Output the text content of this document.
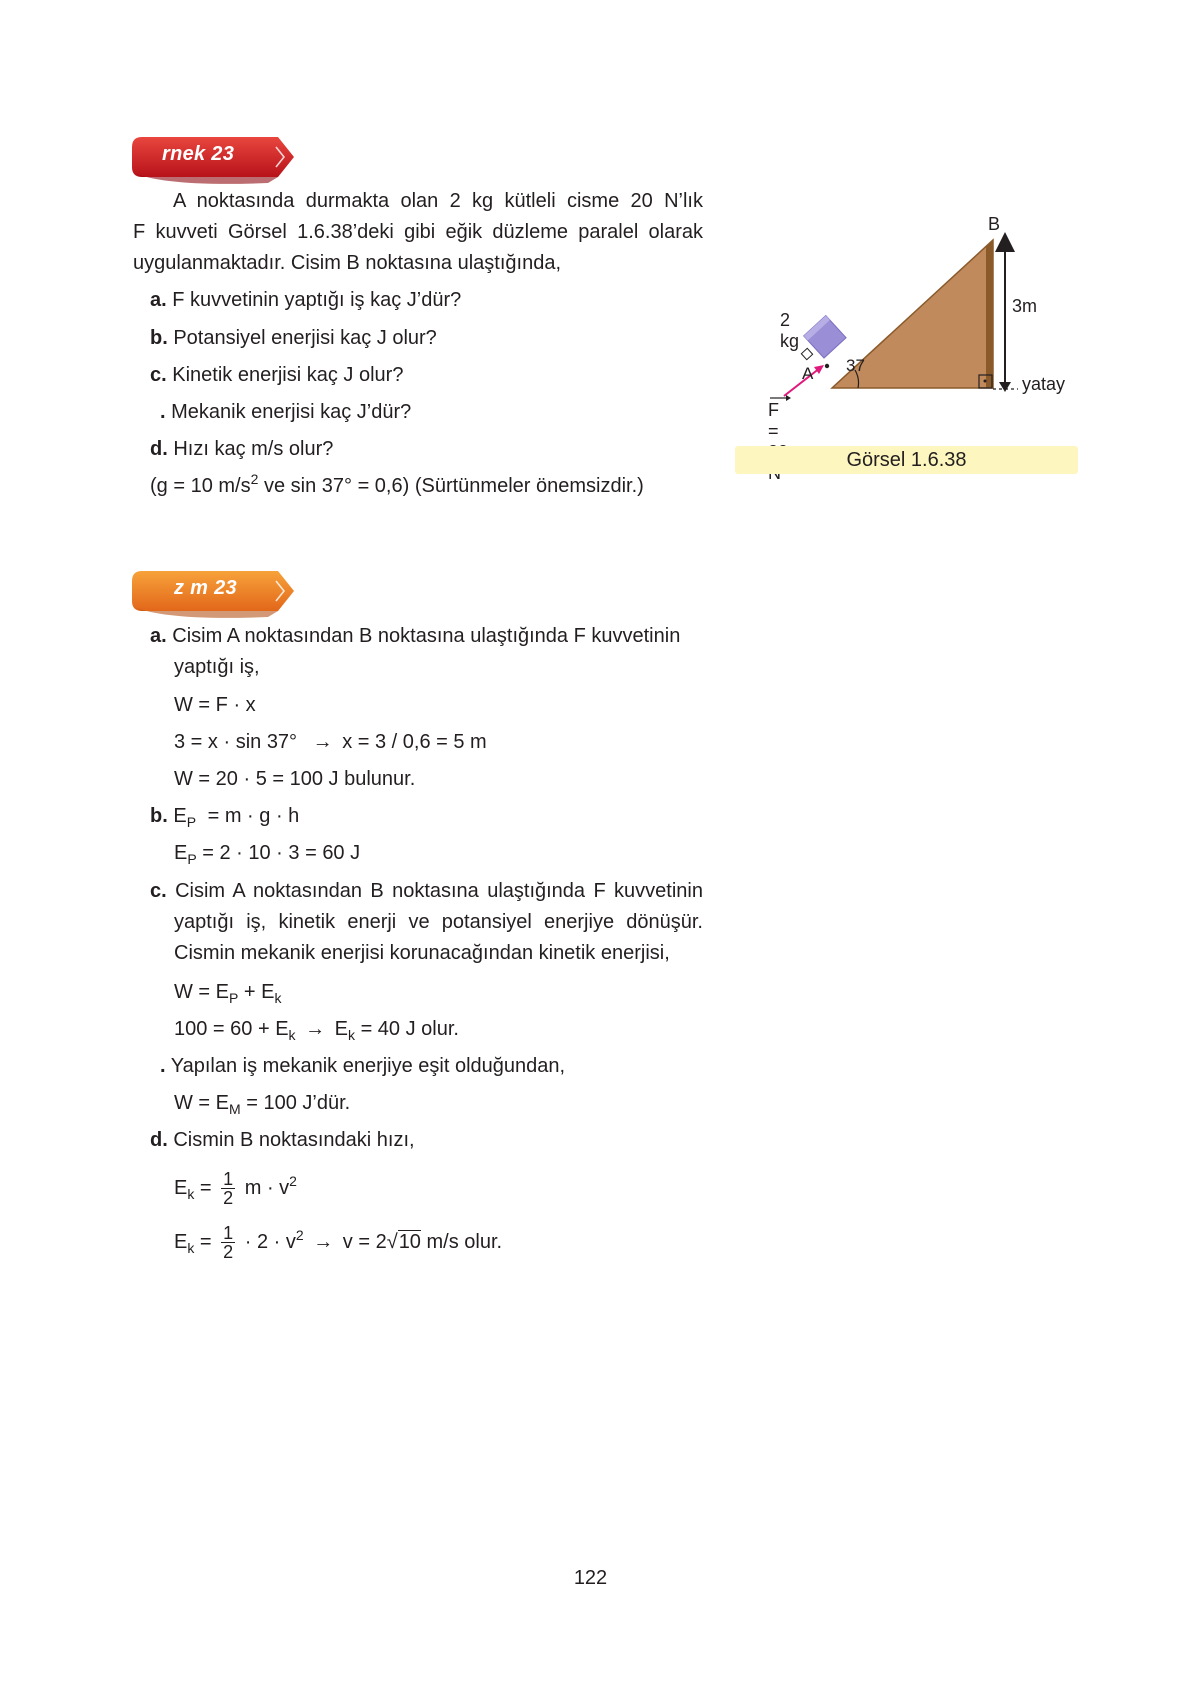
rnek 23
A noktasında durmakta olan 2 kg kütleli cisme 20 N’lık
F kuvveti Görsel 1.6.38’deki gibi eğik düzleme paralel olarak
uygulanmaktadır. Cisim B noktasına ulaştığında,
a. F kuvvetinin yaptığı iş kaç J’dür?
b. Potansiyel enerjisi kaç J olur?
c. Kinetik enerjisi kaç J olur?
. Mekanik enerjisi kaç J’dür?
d. Hızı kaç m/s olur?
(g = 10 $m/s^2$ ve sin 37° = 0,6) (Sürtünmeler önemsizdir.)
B
3m
2 kg
37
A
yatay
F =
Görsel 1.6.38
z m 23
a. Cisim A noktasından B noktasına ulaştığında F kuvvetinin
yaptığı iş,
W = F · x
3 = x · sin 37° → x = 3 / 0,6 = 5 m
W = 20 · 5 = 100 J bulunur.
b. $E_P = m \cdot g \cdot h$
$E_P = 2 \cdot 10 \cdot 3 = 60$ J
c. Cisim A noktasından B noktasına ulaştığında F kuvvetinin
yaptığı iş, kinetik enerji ve potansiyel enerjiye dönüşür.
Cismin mekanik enerjisi korunacağından kinetik enerjisi,
$W = E_P + E_k$
$100 = 60 + E_k \to E_k = 40$ J olur.
. Yapılan iş mekanik enerjiye eşit olduğundan,
$W = E_M = 100$ J’dür.
d. Cismin B noktasındaki hızı,
$E_k = \frac{1}{2}$ $m \cdot v^2$
$E_k = \frac{1}{2} \cdot 2 \cdot v^2 \to v = 2√10$ m/s olur.
122
